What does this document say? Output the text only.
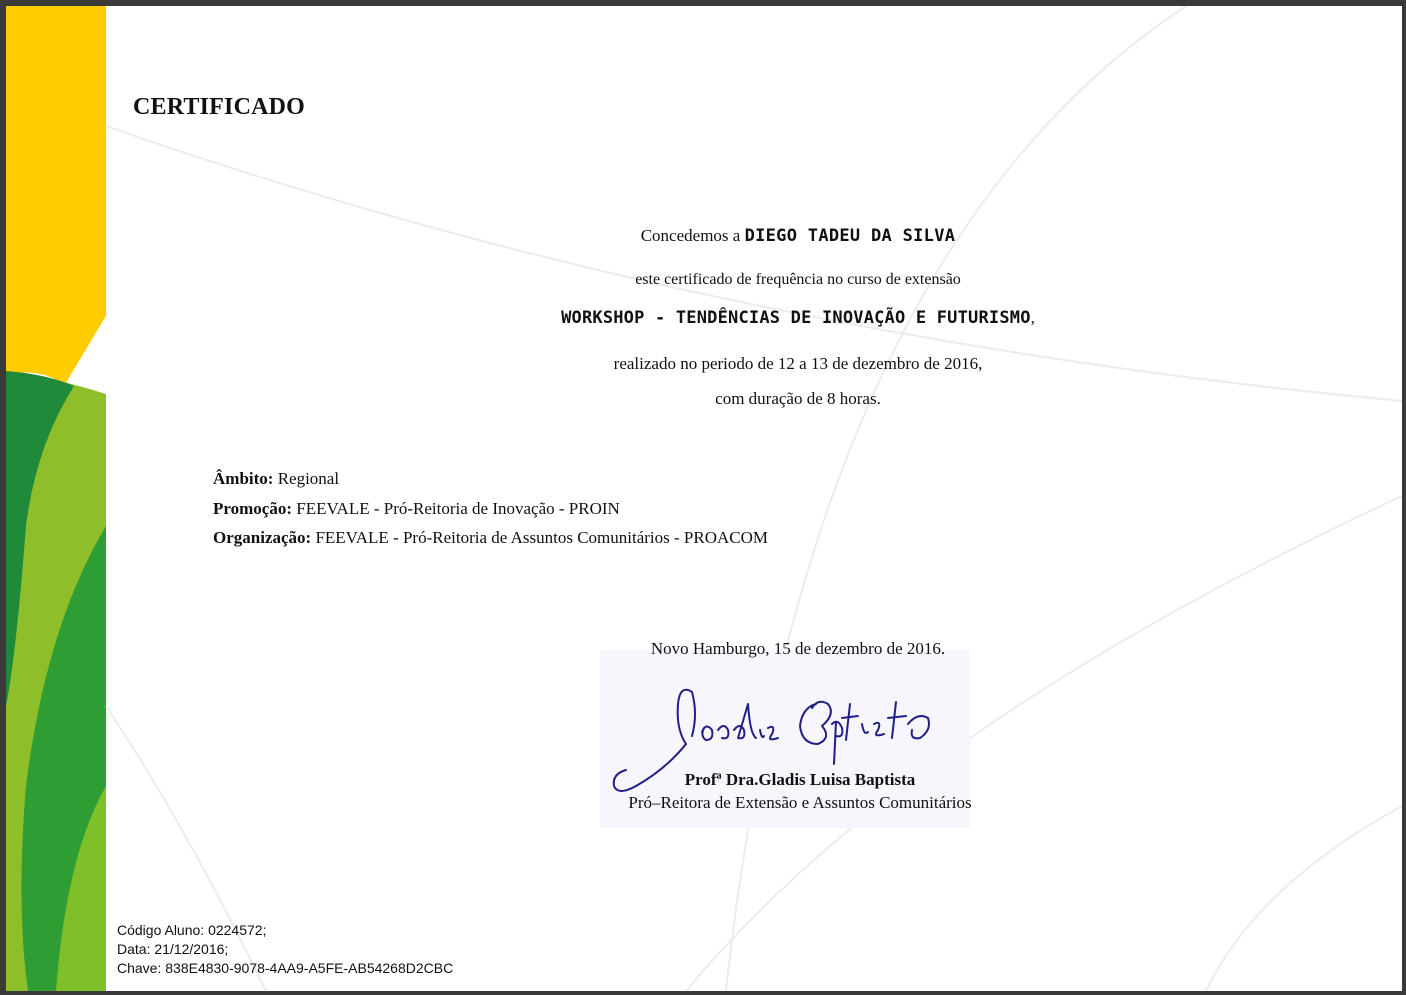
CERTIFICADO
Concedemos a DIEGO TADEU DA SILVA
este certificado de frequência no curso de extensão
WORKSHOP - TENDÊNCIAS DE INOVAÇÃO E FUTURISMO,
realizado no periodo de 12 a 13 de dezembro de 2016,
com duração de 8 horas.
Âmbito: Regional
Promoção: FEEVALE - Pró-Reitoria de Inovação - PROIN
Organização: FEEVALE - Pró-Reitoria de Assuntos Comunitários - PROACOM
Novo Hamburgo, 15 de dezembro de 2016.
Profª Dra.Gladis Luisa Baptista
Pró–Reitora de Extensão e Assuntos Comunitários
Código Aluno: 0224572;
Data: 21/12/2016;
Chave: 838E4830-9078-4AA9-A5FE-AB54268D2CBC
